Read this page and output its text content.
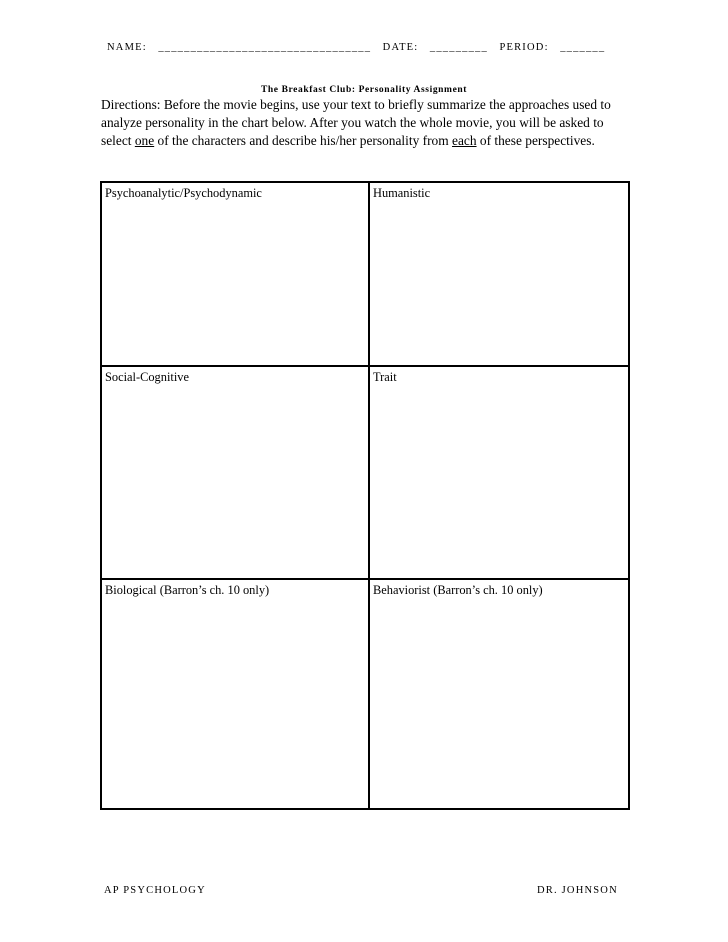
NAME: _________________________________ DATE: _________ PERIOD: _______
The Breakfast Club: Personality Assignment
Directions: Before the movie begins, use your text to briefly summarize the approaches used to analyze personality in the chart below. After you watch the whole movie, you will be asked to select one of the characters and describe his/her personality from each of these perspectives.
Psychoanalytic/Psychodynamic	Humanistic
Social-Cognitive	Trait
Biological (Barron’s ch. 10 only)	Behaviorist (Barron’s ch. 10 only)
AP PSYCHOLOGY	DR. JOHNSON
